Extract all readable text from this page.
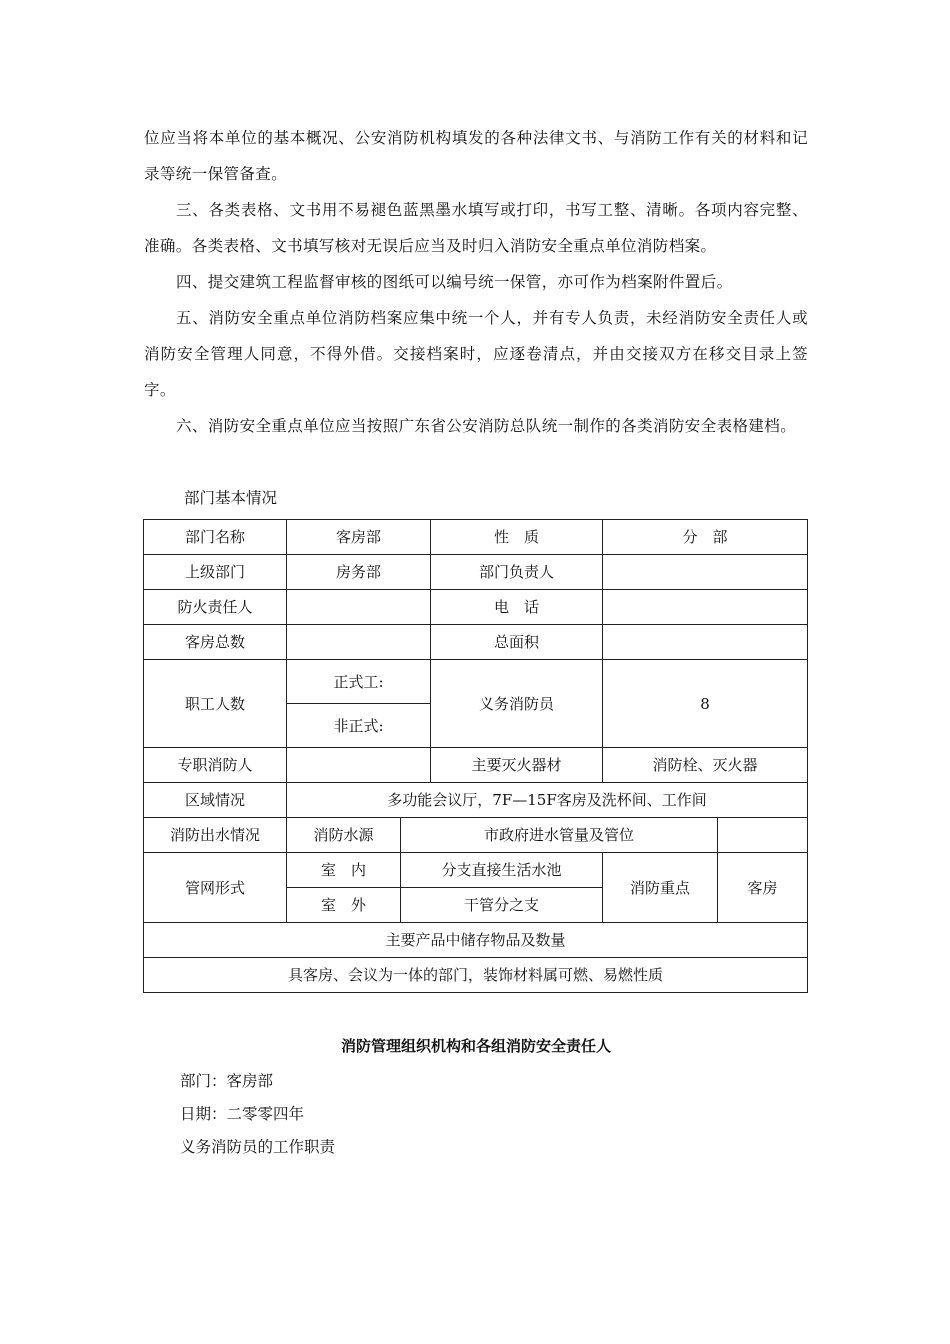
位应当将本单位的基本概况、公安消防机构填发的各种法律文书、与消防工作有关的材料和记录等统一保管备查。

三、各类表格、文书用不易褪色蓝黑墨水填写或打印，书写工整、清晰。各项内容完整、准确。各类表格、文书填写核对无误后应当及时归入消防安全重点单位消防档案。

四、提交建筑工程监督审核的图纸可以编号统一保管，亦可作为档案附件置后。

五、消防安全重点单位消防档案应集中统一个人，并有专人负责，未经消防安全责任人或消防安全管理人同意，不得外借。交接档案时，应逐卷清点，并由交接双方在移交目录上签字。

六、消防安全重点单位应当按照广东省公安消防总队统一制作的各类消防安全表格建档。

部门基本情况

部门名称	客房部		性　质	分　部	
上级部门	房务部		部门负责人		
防火责任人			电　话		
客房总数			总面积		
职工人数	正式工:		义务消防员	8	
	非正式:				
专职消防人			主要灭火器材	消防栓、灭火器	
区域情况	多功能会议厅，7F—15F客房及洗杯间、工作间				
消防出水情况	消防水源	市政府进水管量及管位			
管网形式	室　内	分支直接生活水池		消防重点	客房
	室　外	干管分之支			
主要产品中储存物品及数量					
具客房、会议为一体的部门，装饰材料属可燃、易燃性质					

消防管理组织机构和各组消防安全责任人

部门：客房部

日期：二零零四年

义务消防员的工作职责
